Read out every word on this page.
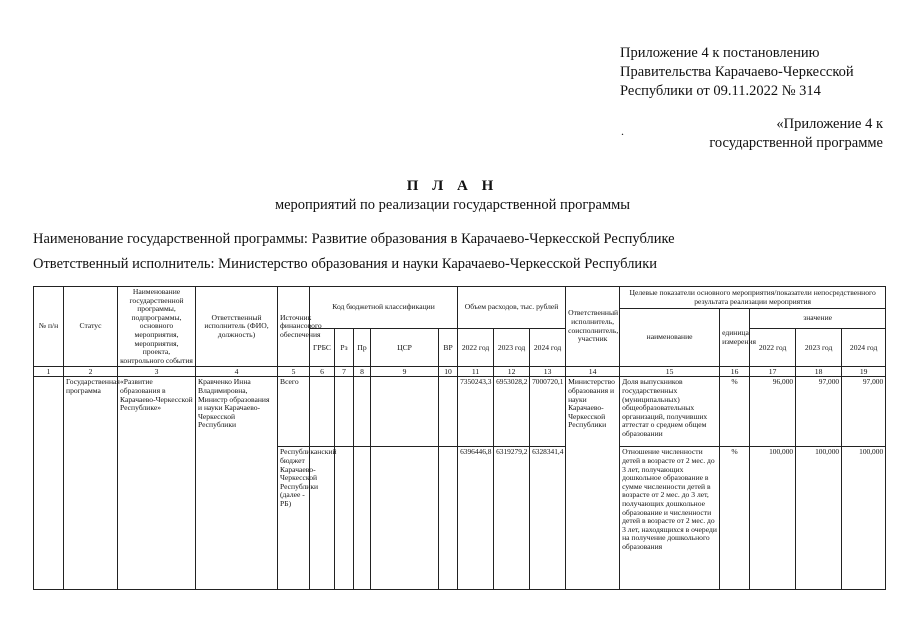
Приложение 4 к постановлению
Правительства Карачаево-Черкесской
Республики от 09.11.2022 № 314
.	«Приложение 4 к
государственной программе
П Л А Н
мероприятий по реализации государственной программы
Наименование государственной программы: Развитие образования в Карачаево-Черкесской Республике
Ответственный исполнитель: Министерство образования и науки Карачаево-Черкесской Республики
№ п/н	Статус	Наименование государственной программы, подпрограммы, основного мероприятия, мероприятия, проекта, контрольного события	Ответственный исполнитель (ФИО, должность)	Источник финансового обеспечения	Код бюджетной классификации					Объем расходов, тыс. рублей			Ответственный исполнитель, соисполнитель, участник	Целевые показатели основного мероприятия/показатели непосредственного результата реализации мероприятия				
														наименование	единица измерения	значение		
					ГРБС	Рз	Пр	ЦСР	ВР	2022 год	2023 год	2024 год				2022 год	2023 год	2024 год
1	2	3	4	5	6	7	8	9	10	11	12	13	14	15	16	17	18	19
	Государственная программа	«Развитие образования в Карачаево-Черкесской Республике»	Кравченко Инна Владимировна, Министр образования и науки Карачаево-Черкесской Республики	Всего						7350243,3	6953028,2	7000720,1	Министерство образования и науки Карачаево-Черкесской Республики	Доля выпускников государственных (муниципальных) общеобразовательных организаций, получивших аттестат о среднем общем образовании	%	96,000	97,000	97,000
				Республиканский бюджет Карачаево-Черкесской Республики (далее - РБ)						6396446,8	6319279,2	6328341,4		Отношение численности детей в возрасте от 2 мес. до 3 лет, получающих дошкольное образование в сумме численности детей в возрасте от 2 мес. до 3 лет, получающих дошкольное образование и численности детей в возрасте от 2 мес. до 3 лет, находящихся в очереди на получение дошкольного образования	%	100,000	100,000	100,000
